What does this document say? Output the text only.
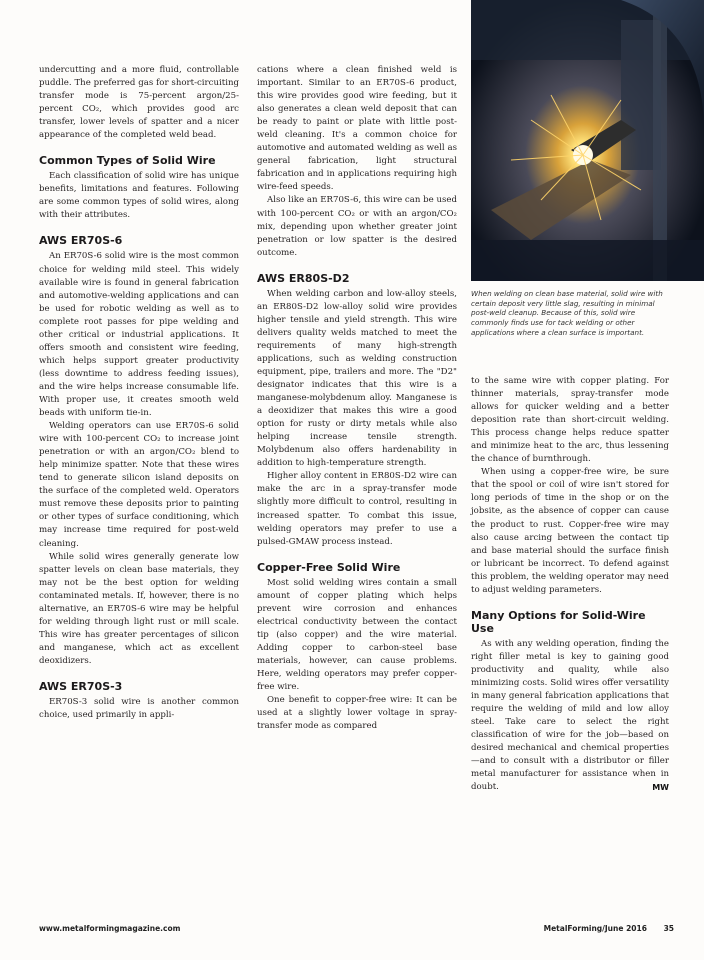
undercutting and a more fluid, controllable puddle. The preferred gas for short-circuiting transfer mode is 75-percent argon/25-percent CO₂, which provides good arc transfer, lower levels of spatter and a nicer appearance of the completed weld bead.

Common Types of Solid Wire

Each classification of solid wire has unique benefits, limitations and features. Following are some common types of solid wires, along with their attributes.

AWS ER70S-6

An ER70S-6 solid wire is the most common choice for welding mild steel. This widely available wire is found in general fabrication and automotive-welding applications and can be used for robotic welding as well as to complete root passes for pipe welding and other critical or industrial applications. It offers smooth and consistent wire feeding, which helps support greater productivity (less downtime to address feeding issues), and the wire helps increase consumable life. With proper use, it creates smooth weld beads with uniform tie-in.

Welding operators can use ER70S-6 solid wire with 100-percent CO₂ to increase joint penetration or with an argon/CO₂ blend to help minimize spatter. Note that these wires tend to generate silicon island deposits on the surface of the completed weld. Operators must remove these deposits prior to painting or other types of surface conditioning, which may increase time required for post-weld cleaning.

While solid wires generally generate low spatter levels on clean base materials, they may not be the best option for welding contaminated metals. If, however, there is no alternative, an ER70S-6 wire may be helpful for welding through light rust or mill scale. This wire has greater percentages of silicon and manganese, which act as excellent deoxidizers.

AWS ER70S-3

ER70S-3 solid wire is another common choice, used primarily in appli-

cations where a clean finished weld is important. Similar to an ER70S-6 product, this wire provides good wire feeding, but it also generates a clean weld deposit that can be ready to paint or plate with little post-weld cleaning. It's a common choice for automotive and automated welding as well as general fabrication, light structural fabrication and in applications requiring high wire-feed speeds.

Also like an ER70S-6, this wire can be used with 100-percent CO₂ or with an argon/CO₂ mix, depending upon whether greater joint penetration or low spatter is the desired outcome.

AWS ER80S-D2

When welding carbon and low-alloy steels, an ER80S-D2 low-alloy solid wire provides higher tensile and yield strength. This wire delivers quality welds matched to meet the requirements of many high-strength applications, such as welding construction equipment, pipe, trailers and more. The "D2" designator indicates that this wire is a manganese-molybdenum alloy. Manganese is a deoxidizer that makes this wire a good option for rusty or dirty metals while also helping increase tensile strength. Molybdenum also offers hardenability in addition to high-temperature strength.

Higher alloy content in ER80S-D2 wire can make the arc in a spray-transfer mode slightly more difficult to control, resulting in increased spatter. To combat this issue, welding operators may prefer to use a pulsed-GMAW process instead.

Copper-Free Solid Wire

Most solid welding wires contain a small amount of copper plating which helps prevent wire corrosion and enhances electrical conductivity between the contact tip (also copper) and the wire material. Adding copper to carbon-steel base materials, however, can cause problems. Here, welding operators may prefer copper-free wire.

One benefit to copper-free wire: It can be used at a slightly lower voltage in spray-transfer mode as compared

When welding on clean base material, solid wire with certain deposit very little slag, resulting in minimal post-weld cleanup. Because of this, solid wire commonly finds use for tack welding or other applications where a clean surface is important.

to the same wire with copper plating. For thinner materials, spray-transfer mode allows for quicker welding and a better deposition rate than short-circuit welding. This process change helps reduce spatter and minimize heat to the arc, thus lessening the chance of burnthrough.

When using a copper-free wire, be sure that the spool or coil of wire isn't stored for long periods of time in the shop or on the jobsite, as the absence of copper can cause the product to rust. Copper-free wire may also cause arcing between the contact tip and base material should the surface finish or lubricant be incorrect. To defend against this problem, the welding operator may need to adjust welding parameters.

Many Options for Solid-Wire Use

As with any welding operation, finding the right filler metal is key to gaining good productivity and quality, while also minimizing costs. Solid wires offer versatility in many general fabrication applications that require the welding of mild and low alloy steel. Take care to select the right classification of wire for the job—based on desired mechanical and chemical properties—and to consult with a distributor or filler metal manufacturer for assistance when in doubt.	MW

www.metalformingmagazine.com	MetalForming/June 2016 35
